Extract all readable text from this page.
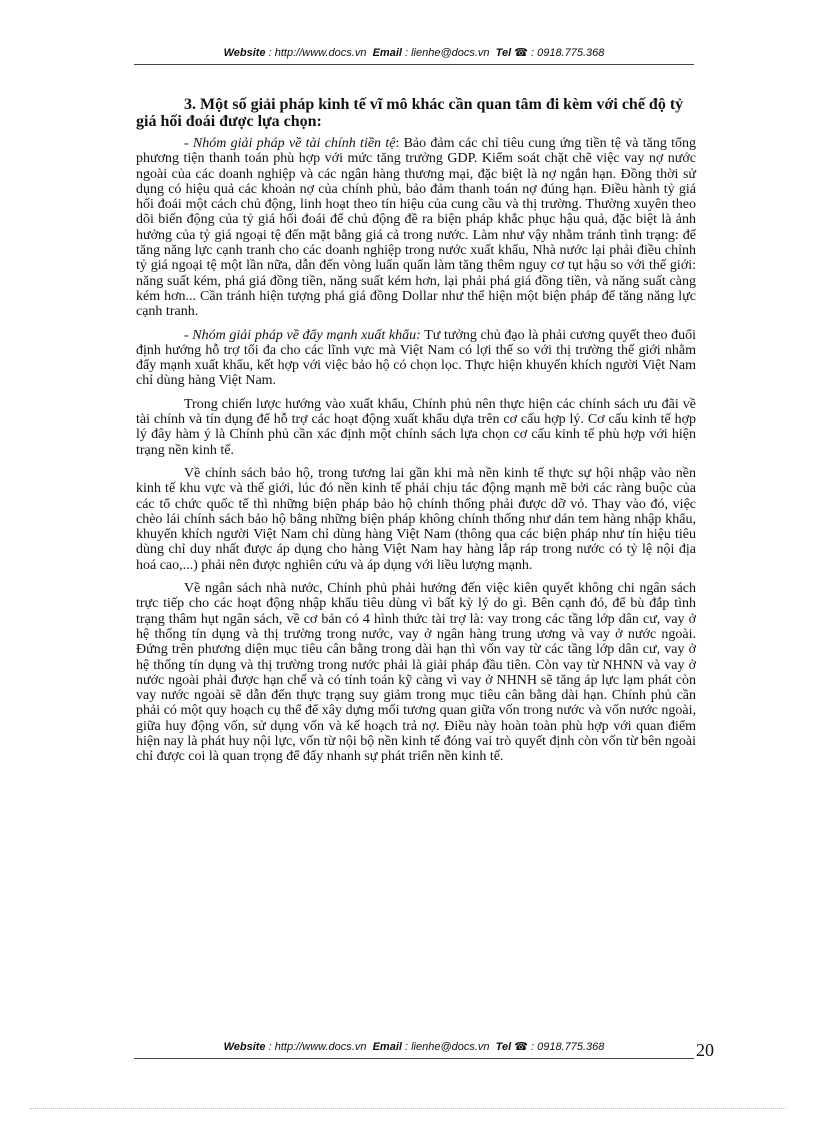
Website : http://www.docs.vn Email : lienhe@docs.vn Tel ☎ : 0918.775.368
3. Một số giải pháp kinh tế vĩ mô khác cần quan tâm đi kèm với chế độ tỷ giá hối đoái được lựa chọn:

- Nhóm giải pháp về tài chính tiền tệ: Bảo đảm các chỉ tiêu cung ứng tiền tệ và tăng tổng phương tiện thanh toán phù hợp với mức tăng trưởng GDP. Kiểm soát chặt chẽ việc vay nợ nước ngoài của các doanh nghiệp và các ngân hàng thương mại, đặc biệt là nợ ngắn hạn. Đồng thời sử dụng có hiệu quả các khoản nợ của chính phủ, bảo đảm thanh toán nợ đúng hạn. Điều hành tỷ giá hối đoái một cách chủ động, linh hoạt theo tín hiệu của cung cầu và thị trường. Thường xuyên theo dõi biến động của tỷ giá hối đoái để chủ động đề ra biện pháp khắc phục hậu quả, đặc biệt là ảnh hưởng của tỷ giá ngoại tệ đến mặt bằng giá cả trong nước. Làm như vậy nhằm tránh tình trạng: để tăng năng lực cạnh tranh cho các doanh nghiệp trong nước xuất khẩu, Nhà nước lại phải điều chỉnh tỷ giá ngoại tệ một lần nữa, dẫn đến vòng luẩn quẩn làm tăng thêm nguy cơ tụt hậu so với thế giới: năng suất kém, phá giá đồng tiền, năng suất kém hơn, lại phải phá giá đồng tiền, và năng suất càng kém hơn... Cần tránh hiện tượng phá giá đồng Dollar như thể hiện một biện pháp để tăng năng lực cạnh tranh.

- Nhóm giải pháp về đẩy mạnh xuất khẩu: Tư tưởng chủ đạo là phải cương quyết theo đuổi định hướng hỗ trợ tối đa cho các lĩnh vực mà Việt Nam có lợi thế so với thị trường thế giới nhằm đẩy mạnh xuất khẩu, kết hợp với việc bảo hộ có chọn lọc. Thực hiện khuyến khích người Việt Nam chỉ dùng hàng Việt Nam.

Trong chiến lược hướng vào xuất khẩu, Chính phủ nên thực hiện các chính sách ưu đãi về tài chính và tín dụng để hỗ trợ các hoạt động xuất khẩu dựa trên cơ cấu hợp lý. Cơ cấu kinh tế hợp lý đây hàm ý là Chính phủ cần xác định một chính sách lựa chọn cơ cấu kinh tế phù hợp với hiện trạng nền kinh tế.

Về chính sách bảo hộ, trong tương lai gần khi mà nền kinh tế thực sự hội nhập vào nền kinh tế khu vực và thế giới, lúc đó nền kinh tế phải chịu tác động mạnh mẽ bởi các ràng buộc của các tổ chức quốc tế thì những biện pháp bảo hộ chính thống phải được dỡ vỏ. Thay vào đó, việc chèo lái chính sách bảo hộ bằng những biện pháp không chính thống như dán tem hàng nhập khẩu, khuyến khích người Việt Nam chỉ dùng hàng Việt Nam (thông qua các biện pháp như tín hiệu tiêu dùng chỉ duy nhất được áp dụng cho hàng Việt Nam hay hàng lắp ráp trong nước có tỷ lệ nội địa hoá cao,...) phải nên được nghiên cứu và áp dụng với liều lượng mạnh.

Về ngân sách nhà nước, Chính phủ phải hướng đến việc kiên quyết không chi ngân sách trực tiếp cho các hoạt động nhập khẩu tiêu dùng vì bất kỳ lý do gì. Bên cạnh đó, để bù đắp tình trạng thâm hụt ngân sách, về cơ bản có 4 hình thức tài trợ là: vay trong các tầng lớp dân cư, vay ở hệ thống tín dụng và thị trường trong nước, vay ở ngân hàng trung ương và vay ở nước ngoài. Đứng trên phương diện mục tiêu cân bằng trong dài hạn thì vốn vay từ các tầng lớp dân cư, vay ở hệ thống tín dụng và thị trường trong nước phải là giải pháp đầu tiên. Còn vay từ NHNN và vay ở nước ngoài phải được hạn chế và có tính toán kỹ càng vì vay ở NHNH sẽ tăng áp lực lạm phát còn vay nước ngoài sẽ dẫn đến thực trạng suy giảm trong mục tiêu cân bằng dài hạn. Chính phủ cần phải có một quy hoạch cụ thể để xây dựng mối tương quan giữa vốn trong nước và vốn nước ngoài, giữa huy động vốn, sử dụng vốn và kế hoạch trả nợ. Điều này hoàn toàn phù hợp với quan điểm hiện nay là phát huy nội lực, vốn từ nội bộ nền kinh tế đóng vai trò quyết định còn vốn từ bên ngoài chỉ được coi là quan trọng để đẩy nhanh sự phát triển nền kinh tế.

Website : http://www.docs.vn Email : lienhe@docs.vn Tel ☎ : 0918.775.368	20
